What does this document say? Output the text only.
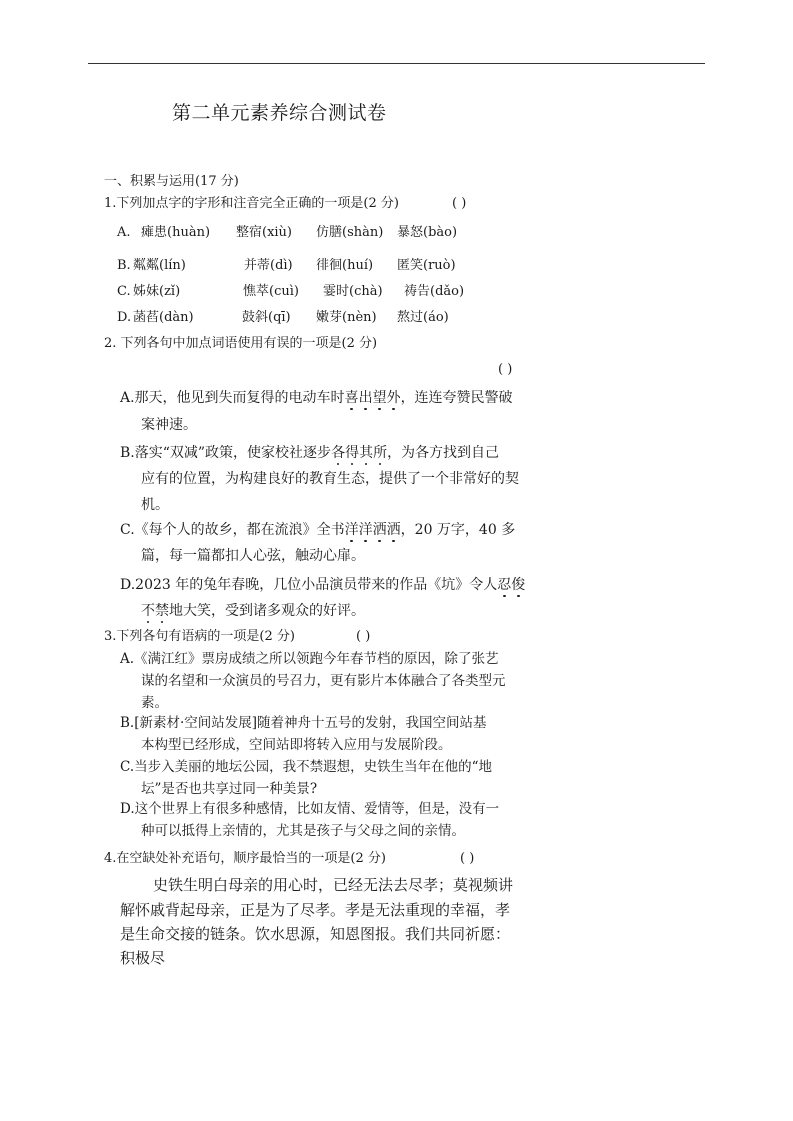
第二单元素养综合测试卷
一、积累与运用(17 分)
1.下列加点字的字形和注音完全正确的一项是(2 分)	( )
A. 瘫患(huàn) 整宿(xiù) 仿膳(shàn) 暴怒(bào)
B. 粼粼(lín)	并蒂(dì) 徘徊(huí) 匿笑(ruò)
C. 姊妹(zǐ)	憔萃(cuì) 霎时(chà) 祷告(dǎo)
D. 菡萏(dàn)	鼓斜(qī) 嫩芽(nèn) 熬过(áo)
2. 下列各句中加点词语使用有误的一项是(2 分)
( )
A.那天，他见到失而复得的电动车时喜出望外，连连夸赞民警破
案神速。
B.落实“双减”政策，使家校社逐步各得其所，为各方找到自己
应有的位置，为构建良好的教育生态，提供了一个非常好的契
机。
C.《每个人的故乡，都在流浪》全书洋洋洒洒，20 万字，40 多
篇，每一篇都扣人心弦，触动心扉。
D.2023 年的兔年春晚，几位小品演员带来的作品《坑》令人忍俊
不禁地大笑，受到诸多观众的好评。
3.下列各句有语病的一项是(2 分)	( )
A.《满江红》票房成绩之所以领跑今年春节档的原因，除了张艺
谋的名望和一众演员的号召力，更有影片本体融合了各类型元
素。
B.[新素材·空间站发展]随着神舟十五号的发射，我国空间站基
本构型已经形成，空间站即将转入应用与发展阶段。
C.当步入美丽的地坛公园，我不禁遐想，史铁生当年在他的“地
坛”是否也共享过同一种美景?
D.这个世界上有很多种感情，比如友情、爱情等，但是，没有一
种可以抵得上亲情的，尤其是孩子与父母之间的亲情。
4.在空缺处补充语句，顺序最恰当的一项是(2 分)	( )
史铁生明白母亲的用心时，已经无法去尽孝；莫视频讲
解怀戚背起母亲，正是为了尽孝。孝是无法重现的幸福，孝
是生命交接的链条。饮水思源，知恩图报。我们共同祈愿：
积极尽
